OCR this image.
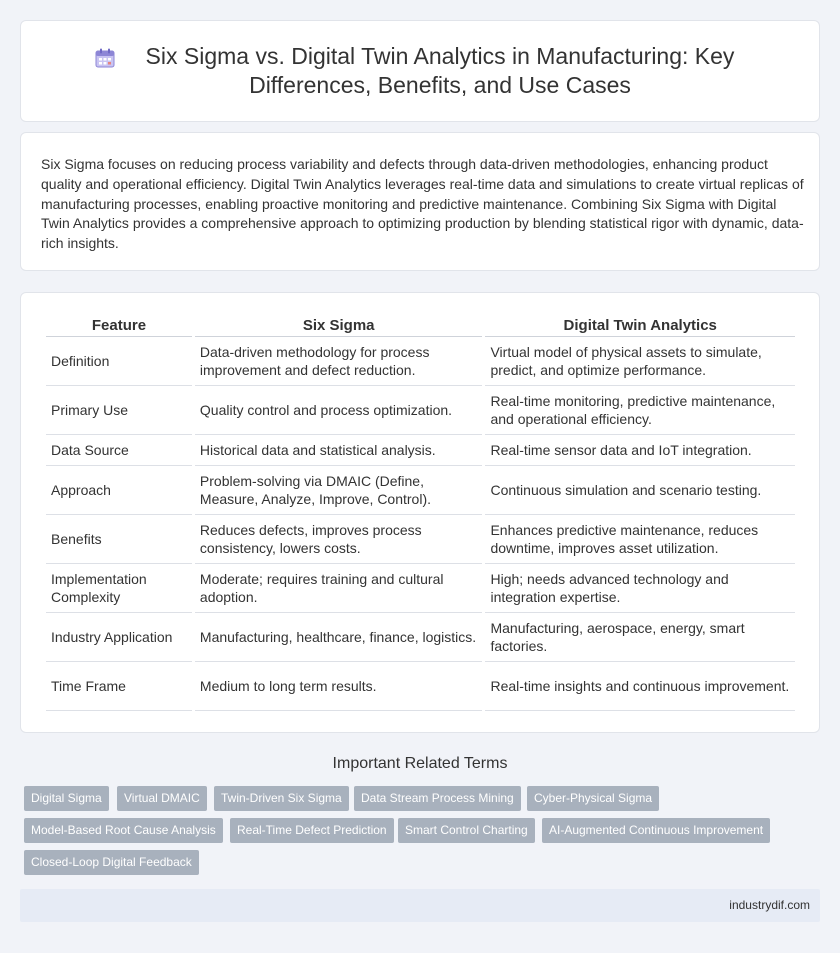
Six Sigma vs. Digital Twin Analytics in Manufacturing: Key Differences, Benefits, and Use Cases

Six Sigma focuses on reducing process variability and defects through data-driven methodologies, enhancing product quality and operational efficiency. Digital Twin Analytics leverages real-time data and simulations to create virtual replicas of manufacturing processes, enabling proactive monitoring and predictive maintenance. Combining Six Sigma with Digital Twin Analytics provides a comprehensive approach to optimizing production by blending statistical rigor with dynamic, data-rich insights.

Feature	Six Sigma	Digital Twin Analytics
Definition	Data-driven methodology for process improvement and defect reduction.	Virtual model of physical assets to simulate, predict, and optimize performance.
Primary Use	Quality control and process optimization.	Real-time monitoring, predictive maintenance, and operational efficiency.
Data Source	Historical data and statistical analysis.	Real-time sensor data and IoT integration.
Approach	Problem-solving via DMAIC (Define, Measure, Analyze, Improve, Control).	Continuous simulation and scenario testing.
Benefits	Reduces defects, improves process consistency, lowers costs.	Enhances predictive maintenance, reduces downtime, improves asset utilization.
Implementation Complexity	Moderate; requires training and cultural adoption.	High; needs advanced technology and integration expertise.
Industry Application	Manufacturing, healthcare, finance, logistics.	Manufacturing, aerospace, energy, smart factories.
Time Frame	Medium to long term results.	Real-time insights and continuous improvement.
Important Related Terms
Digital Sigma	Virtual DMAIC	Twin-Driven Six Sigma	Data Stream Process Mining	Cyber-Physical Sigma
Model-Based Root Cause Analysis	Real-Time Defect Prediction	Smart Control Charting	AI-Augmented Continuous Improvement
Closed-Loop Digital Feedback
industrydif.com
